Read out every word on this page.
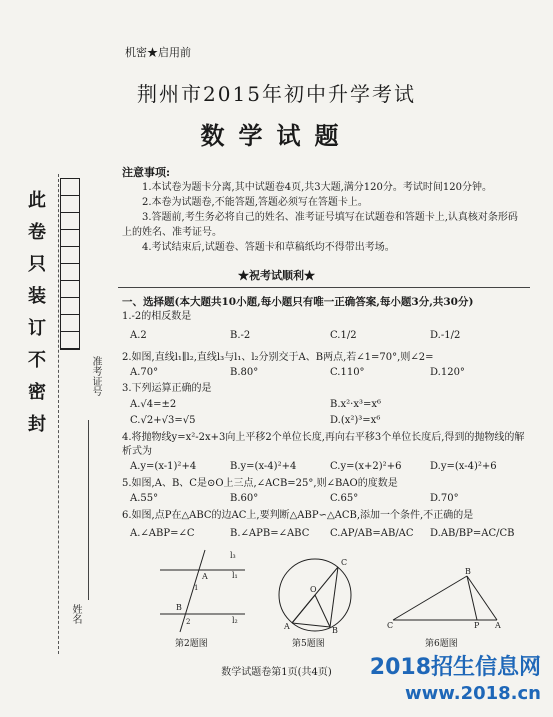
机密★启用前
荆州市2015年初中升学考试
数学试题
此卷只装订不密封	准考证号
姓名
注意事项:

1.本试卷为题卡分离,其中试题卷4页,共3大题,满分120分。考试时间120分钟。

2.本卷为试题卷,不能答题,答题必须写在答题卡上。

3.答题前,考生务必将自己的姓名、准考证号填写在试题卷和答题卡上,认真核对条形码上的姓名、准考证号。

4.考试结束后,试题卷、答题卡和草稿纸均不得带出考场。

★祝考试顺利★
一、选择题(本大题共10小题,每小题只有唯一正确答案,每小题3分,共30分)
1.-2的相反数是
A.2	B.-2	C.1/2	D.-1/2
2.如图,直线l₁∥l₂,直线l₃与l₁、l₂分别交于A、B两点,若∠1=70°,则∠2=
A.70°	B.80°	C.110°	D.120°
3.下列运算正确的是
A.√4=±2	B.x²·x³=x⁶
C.√2+√3=√5	D.(x²)³=x⁶
4.将抛物线y=x²-2x+3向上平移2个单位长度,再向右平移3个单位长度后,得到的抛物线的解析式为
A.y=(x-1)²+4	B.y=(x-4)²+4	C.y=(x+2)²+6	D.y=(x-4)²+6
5.如图,A、B、C是⊙O上三点,∠ACB=25°,则∠BAO的度数是
A.55°	B.60°	C.65°	D.70°
6.如图,点P在△ABC的边AC上,要判断△ABP∽△ACB,添加一个条件,不正确的是
A.∠ABP=∠C	B.∠APB=∠ABC	C.AP/AB=AB/AC	D.AB/BP=AC/CB
l₃
l₁
l₂
A
B
1
2
第2题图
C
O
A	B
第5题图
B
C	P A
第6题图
数学试题卷第1页(共4页)	2018招生信息网
www.2018.cn
